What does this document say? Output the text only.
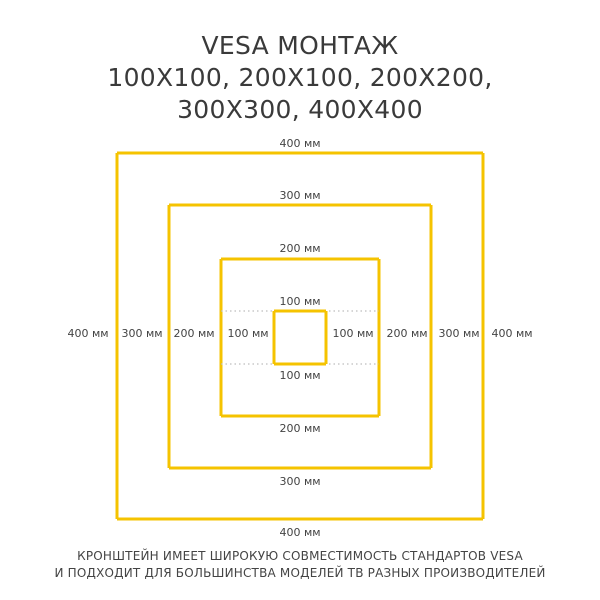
VESA МОНТАЖ
100Х100, 200Х100, 200Х200,
300Х300, 400Х400
400 мм
400 мм
400 мм	400 мм
300 мм
300 мм
300 мм	300 мм
200 мм
200 мм
200 мм	200 мм
100 мм
100 мм
100 мм	100 мм
КРОНШТЕЙН ИМЕЕТ ШИРОКУЮ СОВМЕСТИМОСТЬ СТАНДАРТОВ VESA
И ПОДХОДИТ ДЛЯ БОЛЬШИНСТВА МОДЕЛЕЙ ТВ РАЗНЫХ ПРОИЗВОДИТЕЛЕЙ
